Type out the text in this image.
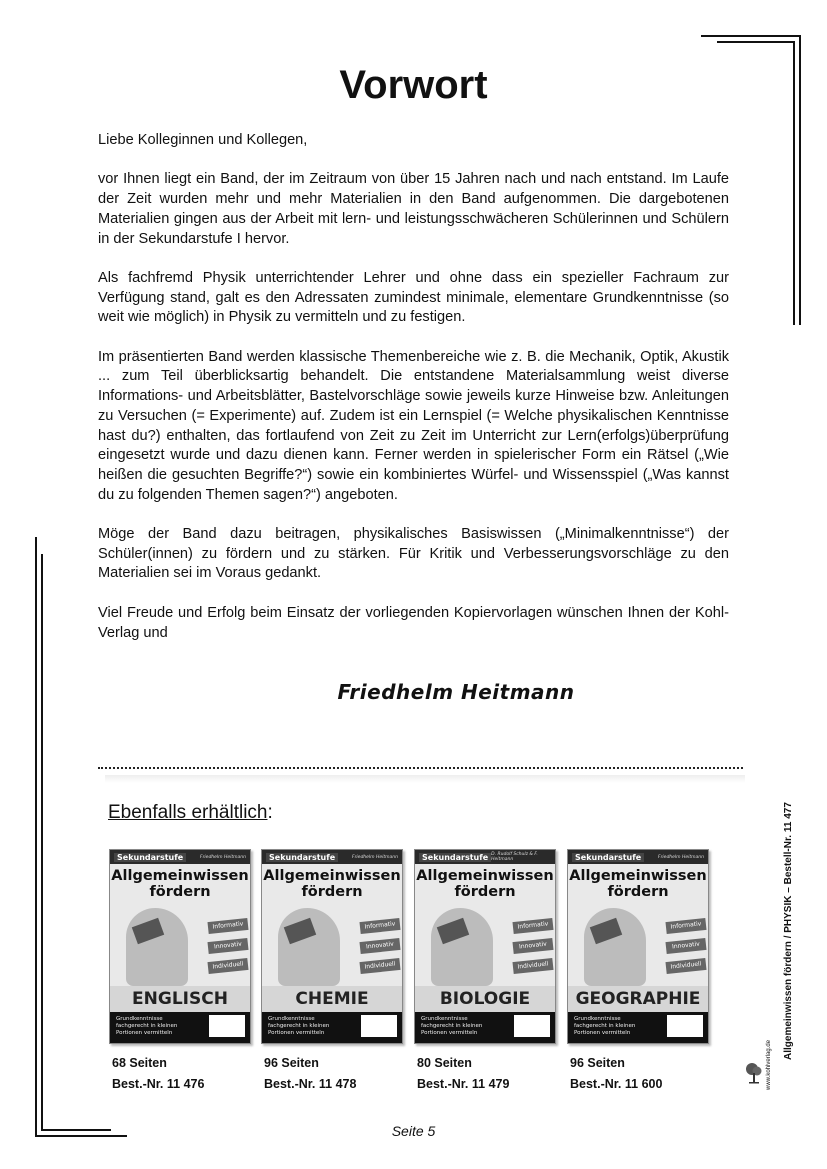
Vorwort

Liebe Kolleginnen und Kollegen,

vor Ihnen liegt ein Band, der im Zeitraum von über 15 Jahren nach und nach entstand. Im Laufe der Zeit wurden mehr und mehr Materialien in den Band aufgenommen. Die dargebotenen Materialien gingen aus der Arbeit mit lern- und leistungsschwächeren Schülerinnen und Schülern in der Sekundarstufe I hervor.

Als fachfremd Physik unterrichtender Lehrer und ohne dass ein spezieller Fachraum zur Verfügung stand, galt es den Adressaten zumindest minimale, elementare Grundkenntnisse (so weit wie möglich) in Physik zu vermitteln und zu festigen.

Im präsentierten Band werden klassische Themenbereiche wie z. B. die Mechanik, Optik, Akustik ... zum Teil überblicksartig behandelt. Die entstandene Materialsammlung weist diverse Informations- und Arbeitsblätter, Bastelvorschläge sowie jeweils kurze Hinweise bzw. Anleitungen zu Versuchen (= Experimente) auf. Zudem ist ein Lernspiel (= Welche physikalischen Kenntnisse hast du?) enthalten, das fortlaufend von Zeit zu Zeit im Unterricht zur Lern(erfolgs)überprüfung eingesetzt wurde und dazu dienen kann. Ferner werden in spielerischer Form ein Rätsel („Wie heißen die gesuchten Begriffe?“) sowie ein kombiniertes Würfel- und Wissensspiel („Was kannst du zu folgenden Themen sagen?“) angeboten.

Möge der Band dazu beitragen, physikalisches Basiswissen („Minimalkenntnisse“) der Schüler(innen) zu fördern und zu stärken. Für Kritik und Verbesserungsvorschläge zu den Materialien sei im Voraus gedankt.

Viel Freude und Erfolg beim Einsatz der vorliegenden Kopiervorlagen wünschen Ihnen der Kohl-Verlag und

Friedhelm Heitmann
Ebenfalls erhältlich:
Sekundarstufe	Friedhelm Heitmann
Allgemeinwissen
fördern
Informativ
Innovativ
Individuell
ENGLISCH
Grundkenntnisse fachgerecht in kleinen Portionen vermitteln
68 Seiten
Best.-Nr. 11 476
Sekundarstufe	Friedhelm Heitmann
Allgemeinwissen
fördern
Informativ
Innovativ
Individuell
CHEMIE
Grundkenntnisse fachgerecht in kleinen Portionen vermitteln
96 Seiten
Best.-Nr. 11 478
Sekundarstufe D. Rudolf Schulz & F. Heitmann
Allgemeinwissen
fördern
Informativ
Innovativ
Individuell
BIOLOGIE
Grundkenntnisse fachgerecht in kleinen Portionen vermitteln
80 Seiten
Best.-Nr. 11 479
Sekundarstufe	Friedhelm Heitmann
Allgemeinwissen
fördern
Informativ
Innovativ
Individuell
GEOGRAPHIE
Grundkenntnisse fachgerecht in kleinen Portionen vermitteln
96 Seiten
Best.-Nr. 11 600	www.kohlverlag.de
Allgemeinwissen fördern / PHYSIK – Bestell-Nr. 11 477
Seite 5
